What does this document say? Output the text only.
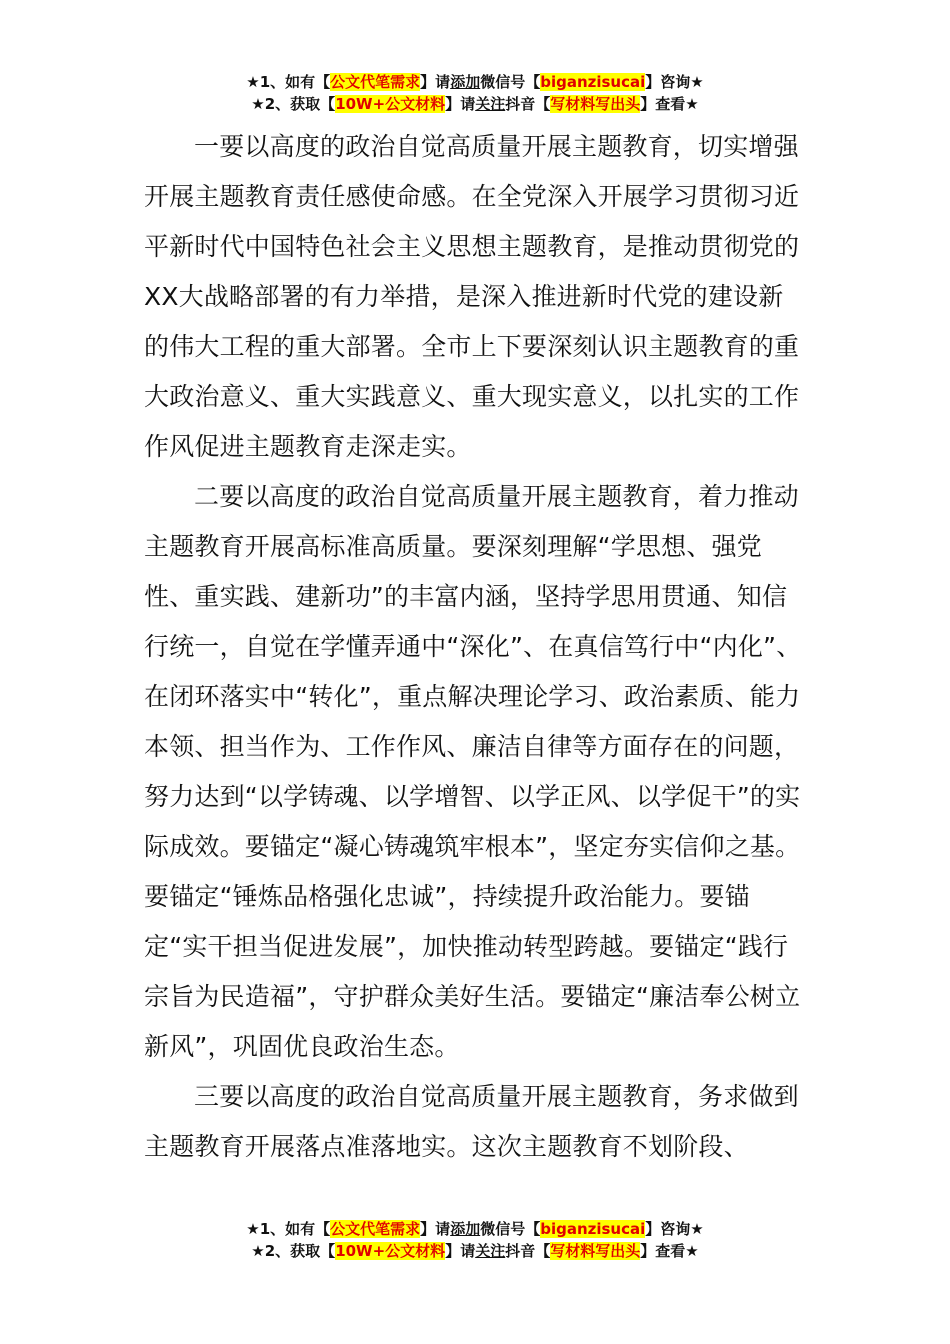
★1、如有【公文代笔需求】请添加微信号【biganzisucai】咨询★
★2、获取【10W+公文材料】请关注抖音【写材料写出头】查看★

一要以高度的政治自觉高质量开展主题教育，切实增强开展主题教育责任感使命感。在全党深入开展学习贯彻习近平新时代中国特色社会主义思想主题教育，是推动贯彻党的XX大战略部署的有力举措，是深入推进新时代党的建设新的伟大工程的重大部署。全市上下要深刻认识主题教育的重大政治意义、重大实践意义、重大现实意义，以扎实的工作作风促进主题教育走深走实。

二要以高度的政治自觉高质量开展主题教育，着力推动主题教育开展高标准高质量。要深刻理解“学思想、强党性、重实践、建新功”的丰富内涵，坚持学思用贯通、知信行统一，自觉在学懂弄通中“深化”、在真信笃行中“内化”、在闭环落实中“转化”，重点解决理论学习、政治素质、能力本领、担当作为、工作作风、廉洁自律等方面存在的问题，努力达到“以学铸魂、以学增智、以学正风、以学促干”的实际成效。要锚定“凝心铸魂筑牢根本”，坚定夯实信仰之基。要锚定“锤炼品格强化忠诚”，持续提升政治能力。要锚定“实干担当促进发展”，加快推动转型跨越。要锚定“践行宗旨为民造福”，守护群众美好生活。要锚定“廉洁奉公树立新风”，巩固优良政治生态。

三要以高度的政治自觉高质量开展主题教育，务求做到主题教育开展落点准落地实。这次主题教育不划阶段、

★1、如有【公文代笔需求】请添加微信号【biganzisucai】咨询★
★2、获取【10W+公文材料】请关注抖音【写材料写出头】查看★
